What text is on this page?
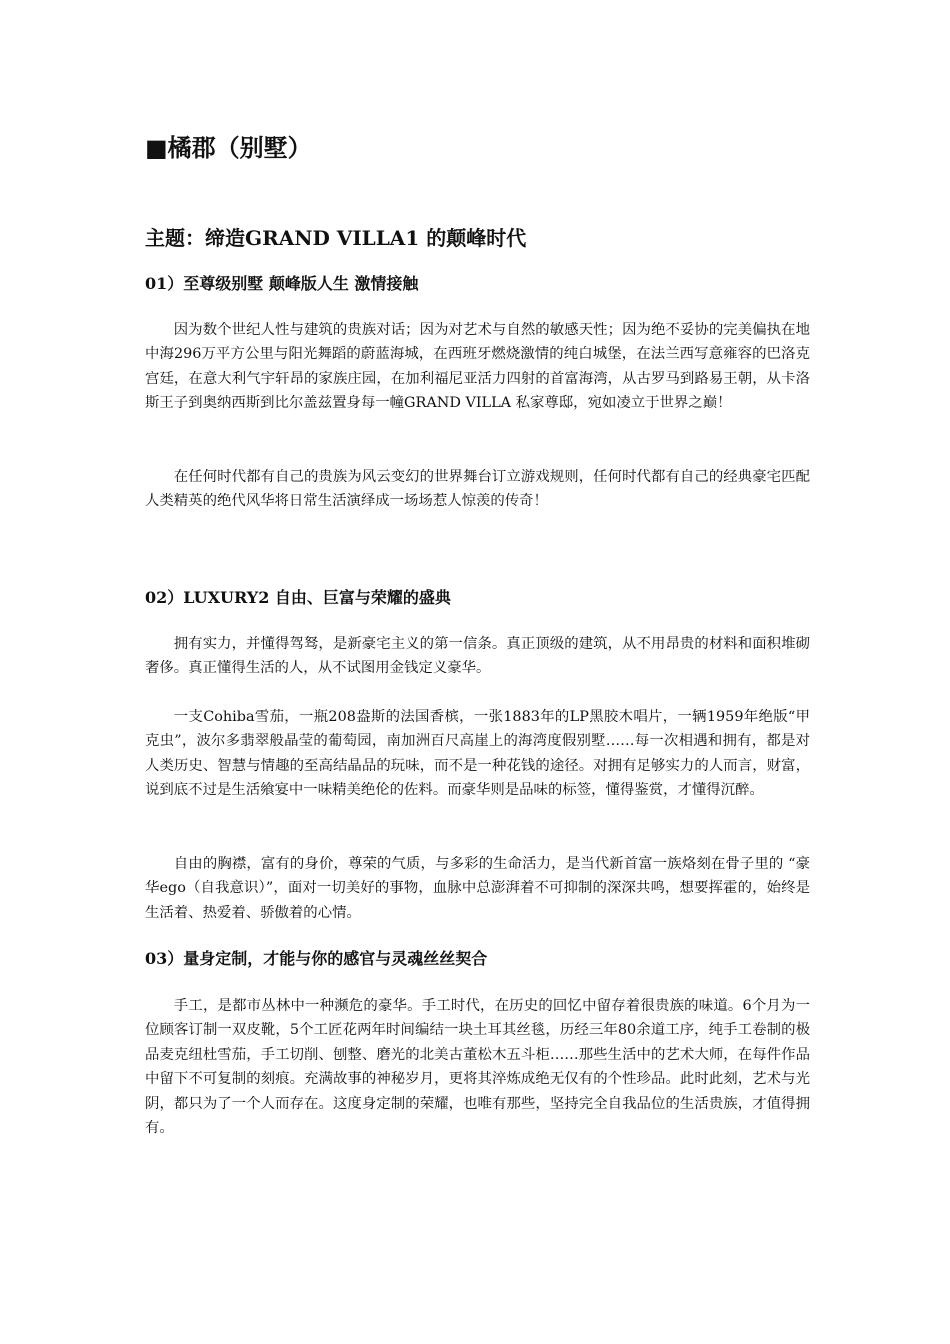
■橘郡（别墅）
主题：缔造GRAND VILLA1 的颠峰时代
01）至尊级别墅 颠峰版人生 激情接触

因为数个世纪人性与建筑的贵族对话；因为对艺术与自然的敏感天性；因为绝不妥协的完美偏执在地中海296万平方公里与阳光舞蹈的蔚蓝海城，在西班牙燃烧激情的纯白城堡，在法兰西写意雍容的巴洛克宫廷，在意大利气宇轩昂的家族庄园，在加利福尼亚活力四射的首富海湾，从古罗马到路易王朝，从卡洛斯王子到奥纳西斯到比尔盖兹置身每一幢GRAND VILLA 私家尊邸，宛如凌立于世界之巅！

在任何时代都有自己的贵族为风云变幻的世界舞台订立游戏规则，任何时代都有自己的经典豪宅匹配人类精英的绝代风华将日常生活演绎成一场场惹人惊羡的传奇！

02）LUXURY2 自由、巨富与荣耀的盛典

拥有实力，并懂得驾驽，是新豪宅主义的第一信条。真正顶级的建筑，从不用昂贵的材料和面积堆砌奢侈。真正懂得生活的人，从不试图用金钱定义豪华。

一支Cohiba雪茄，一瓶208盎斯的法国香槟，一张1883年的LP黑胶木唱片，一辆1959年绝版“甲克虫”，波尔多翡翠般晶莹的葡萄园，南加洲百尺高崖上的海湾度假别墅……每一次相遇和拥有，都是对人类历史、智慧与情趣的至高结晶品的玩味，而不是一种花钱的途径。对拥有足够实力的人而言，财富，说到底不过是生活飨宴中一味精美绝伦的佐料。而豪华则是品味的标签，懂得鉴赏，才懂得沉醉。

自由的胸襟，富有的身价，尊荣的气质，与多彩的生命活力，是当代新首富一族烙刻在骨子里的 “豪华ego（自我意识）”，面对一切美好的事物，血脉中总澎湃着不可抑制的深深共鸣，想要挥霍的，始终是生活着、热爱着、骄傲着的心情。

03）量身定制，才能与你的感官与灵魂丝丝契合

手工，是都市丛林中一种濒危的豪华。手工时代，在历史的回忆中留存着很贵族的味道。6个月为一位顾客订制一双皮靴，5个工匠花两年时间编结一块土耳其丝毯，历经三年80余道工序，纯手工卷制的极品麦克纽杜雪茄，手工切削、刨整、磨光的北美古董松木五斗柜……那些生活中的艺术大师，在每件作品中留下不可复制的刻痕。充满故事的神秘岁月，更将其淬炼成绝无仅有的个性珍品。此时此刻，艺术与光阴，都只为了一个人而存在。这度身定制的荣耀，也唯有那些，坚持完全自我品位的生活贵族，才值得拥有。
